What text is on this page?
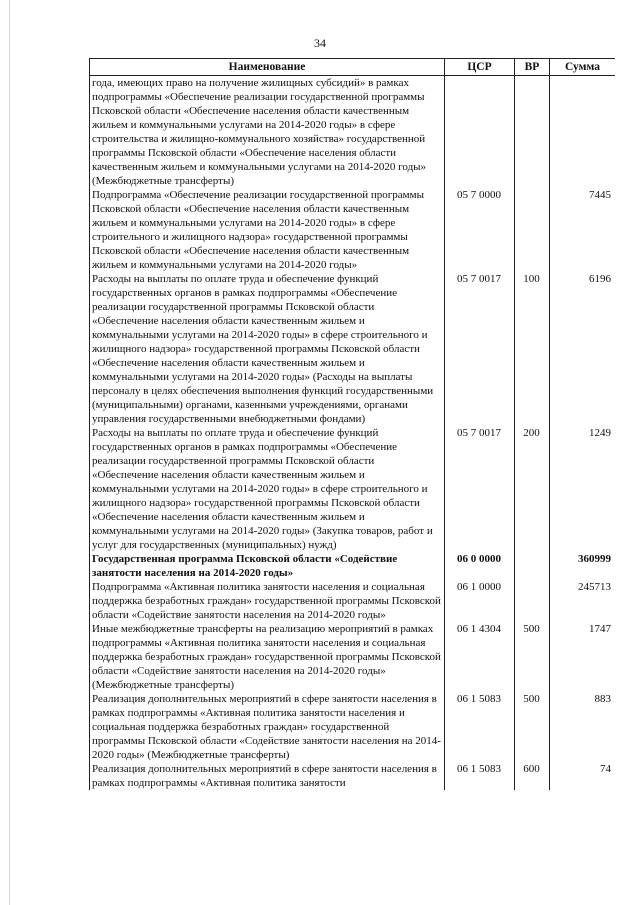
34
Наименование	ЦСР	ВР	Сумма
года, имеющих право на получение жилищных субсидий» в рамках подпрограммы «Обеспечение реализации государственной программы Псковской области «Обеспечение населения области качественным жильем и коммунальными услугами на 2014-2020 годы» в сфере строительства и жилищно-коммунального хозяйства» государственной программы Псковской области «Обеспечение населения области качественным жильем и коммунальными услугами на 2014-2020 годы» (Межбюджетные трансферты)			
Подпрограмма «Обеспечение реализации государственной программы Псковской области «Обеспечение населения области качественным жильем и коммунальными услугами на 2014-2020 годы» в сфере строительного и жилищного надзора» государственной программы Псковской области «Обеспечение населения области качественным жильем и коммунальными услугами на 2014-2020 годы»	05 7 0000		7445
Расходы на выплаты по оплате труда и обеспечение функций государственных органов в рамках подпрограммы «Обеспечение реализации государственной программы Псковской области «Обеспечение населения области качественным жильем и коммунальными услугами на 2014-2020 годы» в сфере строительного и жилищного надзора» государственной программы Псковской области «Обеспечение населения области качественным жильем и коммунальными услугами на 2014-2020 годы» (Расходы на выплаты персоналу в целях обеспечения выполнения функций государственными (муниципальными) органами, казенными учреждениями, органами управления государственными внебюджетными фондами)	05 7 0017	100	6196
Расходы на выплаты по оплате труда и обеспечение функций государственных органов в рамках подпрограммы «Обеспечение реализации государственной программы Псковской области «Обеспечение населения области качественным жильем и коммунальными услугами на 2014-2020 годы» в сфере строительного и жилищного надзора» государственной программы Псковской области «Обеспечение населения области качественным жильем и коммунальными услугами на 2014-2020 годы» (Закупка товаров, работ и услуг для государственных (муниципальных) нужд)	05 7 0017	200	1249
Государственная программа Псковской области «Содействие занятости населения на 2014-2020 годы»	06 0 0000		360999
Подпрограмма «Активная политика занятости населения и социальная поддержка безработных граждан» государственной программы Псковской области «Содействие занятости населения на 2014-2020 годы»	06 1 0000		245713
Иные межбюджетные трансферты на реализацию мероприятий в рамках подпрограммы «Активная политика занятости населения и социальная поддержка безработных граждан» государственной программы Псковской области «Содействие занятости населения на 2014-2020 годы» (Межбюджетные трансферты)	06 1 4304	500	1747
Реализация дополнительных мероприятий в сфере занятости населения в рамках подпрограммы «Активная политика занятости населения и социальная поддержка безработных граждан» государственной программы Псковской области «Содействие занятости населения на 2014-2020 годы» (Межбюджетные трансферты)	06 1 5083	500	883
Реализация дополнительных мероприятий в сфере занятости населения в рамках подпрограммы «Активная политика занятости	06 1 5083	600	74
